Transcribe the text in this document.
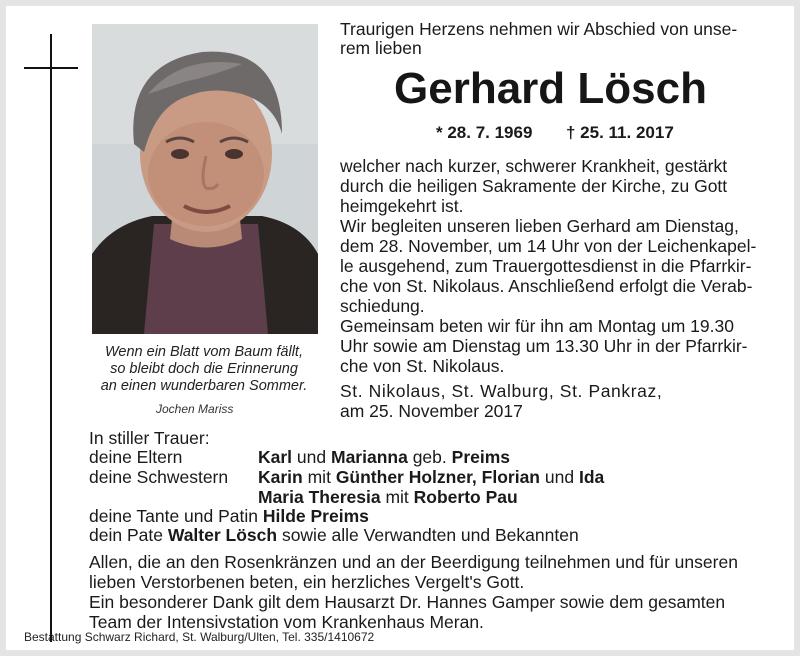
Wenn ein Blatt vom Baum fällt,
so bleibt doch die Erinnerung
an einen wunderbaren Sommer.
Jochen Mariss
Traurigen Herzens nehmen wir Abschied von unse-
rem lieben
Gerhard Lösch
* 28. 7. 1969 † 25. 11. 2017
welcher nach kurzer, schwerer Krankheit, gestärkt
durch die heiligen Sakramente der Kirche, zu Gott
heimgekehrt ist.
Wir begleiten unseren lieben Gerhard am Dienstag,
dem 28. November, um 14 Uhr von der Leichenkapel-
le ausgehend, zum Trauergottesdienst in die Pfarrkir-
che von St. Nikolaus. Anschließend erfolgt die Verab-
schiedung.
Gemeinsam beten wir für ihn am Montag um 19.30
Uhr sowie am Dienstag um 13.30 Uhr in der Pfarrkir-
che von St. Nikolaus.
St. Nikolaus, St. Walburg, St. Pankraz,
am 25. November 2017
In stiller Trauer:
deine Eltern	Karl und Marianna geb. Preims
deine Schwestern Karin mit Günther Holzner, Florian und Ida
Maria Theresia mit Roberto Pau
deine Tante und Patin Hilde Preims
dein Pate Walter Lösch sowie alle Verwandten und Bekannten
Allen, die an den Rosenkränzen und an der Beerdigung teilnehmen und für unseren
lieben Verstorbenen beten, ein herzliches Vergelt's Gott.
Ein besonderer Dank gilt dem Hausarzt Dr. Hannes Gamper sowie dem gesamten
Team der Intensivstation vom Krankenhaus Meran.
Bestattung Schwarz Richard, St. Walburg/Ulten, Tel. 335/1410672
